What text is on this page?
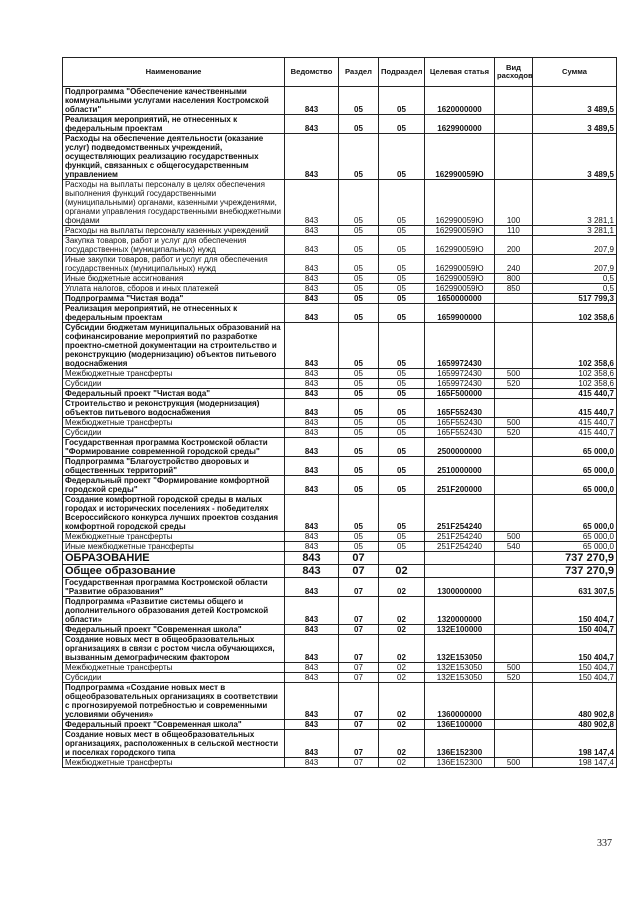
Наименование	Ведомство	Раздел	Подраздел	Целевая статья	Вид расходов	Сумма
Подпрограмма "Обеспечение качественными коммунальными услугами населения Костромской области"	843	05	05	1620000000		3 489,5
Реализация мероприятий, не отнесенных к федеральным проектам	843	05	05	1629900000		3 489,5
Расходы на обеспечение деятельности (оказание услуг) подведомственных учреждений, осуществляющих реализацию государственных функций, связанных с общегосударственным управлением	843	05	05	162990059Ю		3 489,5
Расходы на выплаты персоналу в целях обеспечения выполнения функций государственными (муниципальными) органами, казенными учреждениями, органами управления государственными внебюджетными фондами	843	05	05	162990059Ю	100	3 281,1
Расходы на выплаты персоналу казенных учреждений	843	05	05	162990059Ю	110	3 281,1
Закупка товаров, работ и услуг для обеспечения государственных (муниципальных) нужд	843	05	05	162990059Ю	200	207,9
Иные закупки товаров, работ и услуг для обеспечения государственных (муниципальных) нужд	843	05	05	162990059Ю	240	207,9
Иные бюджетные ассигнования	843	05	05	162990059Ю	800	0,5
Уплата налогов, сборов и иных платежей	843	05	05	162990059Ю	850	0,5
Подпрограмма "Чистая вода"	843	05	05	1650000000		517 799,3
Реализация мероприятий, не отнесенных к федеральным проектам	843	05	05	1659900000		102 358,6
Субсидии бюджетам муниципальных образований на софинансирование мероприятий по разработке проектно-сметной документации на строительство и реконструкцию (модернизацию) объектов питьевого водоснабжения	843	05	05	1659972430		102 358,6
Межбюджетные трансферты	843	05	05	1659972430	500	102 358,6
Субсидии	843	05	05	1659972430	520	102 358,6
Федеральный проект "Чистая вода"	843	05	05	165F500000		415 440,7
Строительство и реконструкция (модернизация) объектов питьевого водоснабжения	843	05	05	165F552430		415 440,7
Межбюджетные трансферты	843	05	05	165F552430	500	415 440,7
Субсидии	843	05	05	165F552430	520	415 440,7
Государственная программа Костромской области "Формирование современной городской среды"	843	05	05	2500000000		65 000,0
Подпрограмма "Благоустройство дворовых и общественных территорий"	843	05	05	2510000000		65 000,0
Федеральный проект "Формирование комфортной городской среды"	843	05	05	251F200000		65 000,0
Создание комфортной городской среды в малых городах и исторических поселениях - победителях Всероссийского конкурса лучших проектов создания комфортной городской среды	843	05	05	251F254240		65 000,0
Межбюджетные трансферты	843	05	05	251F254240	500	65 000,0
Иные межбюджетные трансферты	843	05	05	251F254240	540	65 000,0
ОБРАЗОВАНИЕ	843	07				737 270,9
Общее образование	843	07	02			737 270,9
Государственная программа Костромской области "Развитие образования"	843	07	02	1300000000		631 307,5
Подпрограмма «Развитие системы общего и дополнительного образования детей Костромской области»	843	07	02	1320000000		150 404,7
Федеральный проект "Современная школа"	843	07	02	132E100000		150 404,7
Создание новых мест в общеобразовательных организациях в связи с ростом числа обучающихся, вызванным демографическим фактором	843	07	02	132E153050		150 404,7
Межбюджетные трансферты	843	07	02	132E153050	500	150 404,7
Субсидии	843	07	02	132E153050	520	150 404,7
Подпрограмма «Создание новых мест в общеобразовательных организациях в соответствии с прогнозируемой потребностью и современными условиями обучения»	843	07	02	1360000000		480 902,8
Федеральный проект "Современная школа"	843	07	02	136E100000		480 902,8
Создание новых мест в общеобразовательных организациях, расположенных в сельской местности и поселках городского типа	843	07	02	136E152300		198 147,4
Межбюджетные трансферты	843	07	02	136E152300	500	198 147,4
337
